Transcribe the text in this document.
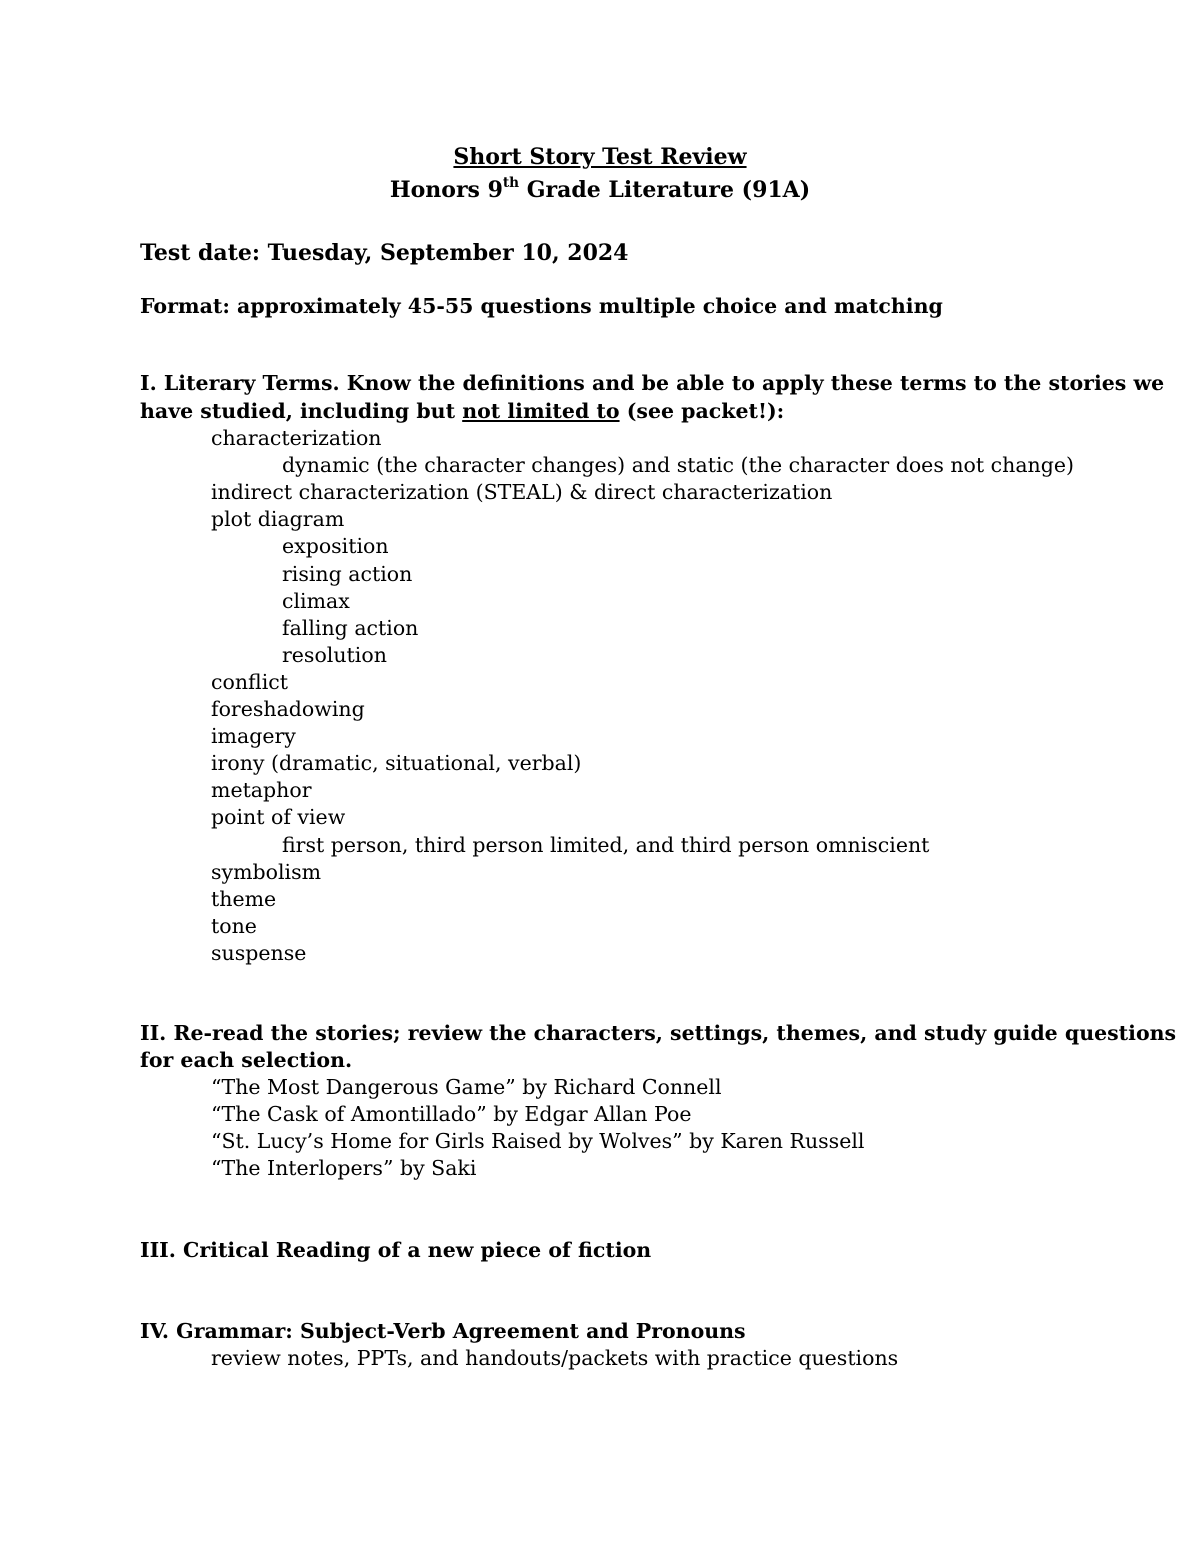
Short Story Test Review
Honors 9th Grade Literature (91A)
Test date: Tuesday, September 10, 2024
Format: approximately 45-55 questions multiple choice and matching
I. Literary Terms. Know the definitions and be able to apply these terms to the stories we
have studied, including but not limited to (see packet!):
characterization
dynamic (the character changes) and static (the character does not change)
indirect characterization (STEAL) & direct characterization
plot diagram
exposition
rising action
climax
falling action
resolution
conflict
foreshadowing
imagery
irony (dramatic, situational, verbal)
metaphor
point of view
first person, third person limited, and third person omniscient
symbolism
theme
tone
suspense
II. Re-read the stories; review the characters, settings, themes, and study guide questions
for each selection.
“The Most Dangerous Game” by Richard Connell
“The Cask of Amontillado” by Edgar Allan Poe
“St. Lucy’s Home for Girls Raised by Wolves” by Karen Russell
“The Interlopers” by Saki
III. Critical Reading of a new piece of fiction
IV. Grammar: Subject-Verb Agreement and Pronouns
review notes, PPTs, and handouts/packets with practice questions
